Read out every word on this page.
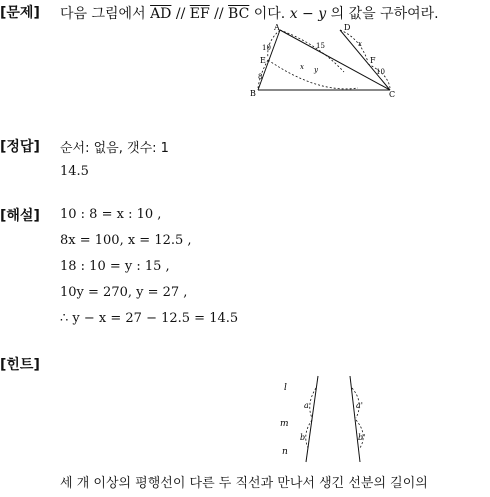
[문제] 다음 그림에서 $\overline{AD} // \overline{EF} // \overline{BC}$ 이다. x − y 의 값을 구하여라.
A	D
B	C
E	F
10
8
15
x y
x
10
[정답] 순서: 없음, 갯수: 1
14.5
[해설] 10 : 8 = x : 10 ,
8x = 100, x = 12.5 ,
18 : 10 = y : 15 ,
10y = 270, y = 27 ,
∴ y − x = 27 − 12.5 = 14.5
[힌트]
l
m
n
a
b
a'
b'
세 개 이상의 평행선이 다른 두 직선과 만나서 생긴 선분의 길이의
